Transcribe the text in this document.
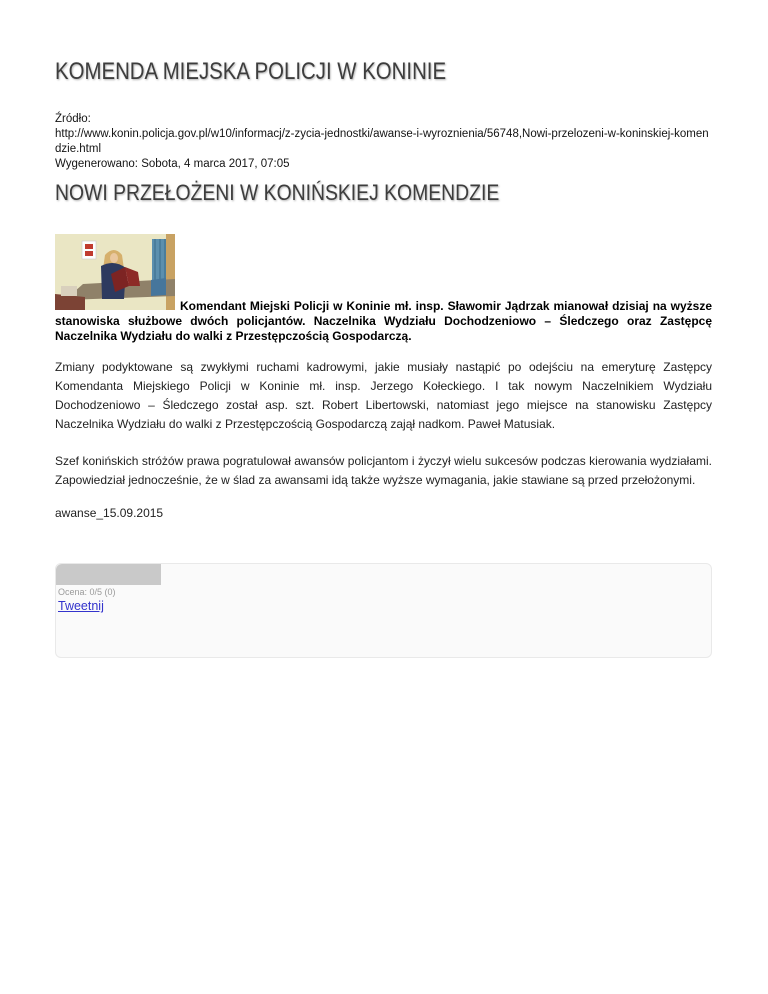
KOMENDA MIEJSKA POLICJI W KONINIE
Źródło:
http://www.konin.policja.gov.pl/w10/informacj/z-zycia-jednostki/awanse-i-wyroznienia/56748,Nowi-przelozeni-w-koninskiej-komendzie.html
Wygenerowano: Sobota, 4 marca 2017, 07:05
NOWI PRZEŁOŻENI W KONIŃSKIEJ KOMENDZIE

Komendant Miejski Policji w Koninie mł. insp. Sławomir Jądrzak mianował dzisiaj na wyższe stanowiska służbowe dwóch policjantów. Naczelnika Wydziału Dochodzeniowo – Śledczego oraz Zastępcę Naczelnika Wydziału do walki z Przestępczością Gospodarczą.

Zmiany podyktowane są zwykłymi ruchami kadrowymi, jakie musiały nastąpić po odejściu na emeryturę Zastępcy Komendanta Miejskiego Policji w Koninie mł. insp. Jerzego Kołeckiego. I tak nowym Naczelnikiem Wydziału Dochodzeniowo – Śledczego został asp. szt. Robert Libertowski, natomiast jego miejsce na stanowisku Zastępcy Naczelnika Wydziału do walki z Przestępczością Gospodarczą zajął nadkom. Paweł Matusiak.

Szef konińskich stróżów prawa pogratulował awansów policjantom i życzył wielu sukcesów podczas kierowania wydziałami. Zapowiedział jednocześnie, że w ślad za awansami idą także wyższe wymagania, jakie stawiane są przed przełożonymi.

awanse_15.09.2015

Ocena: 0/5 (0)
Tweetnij
